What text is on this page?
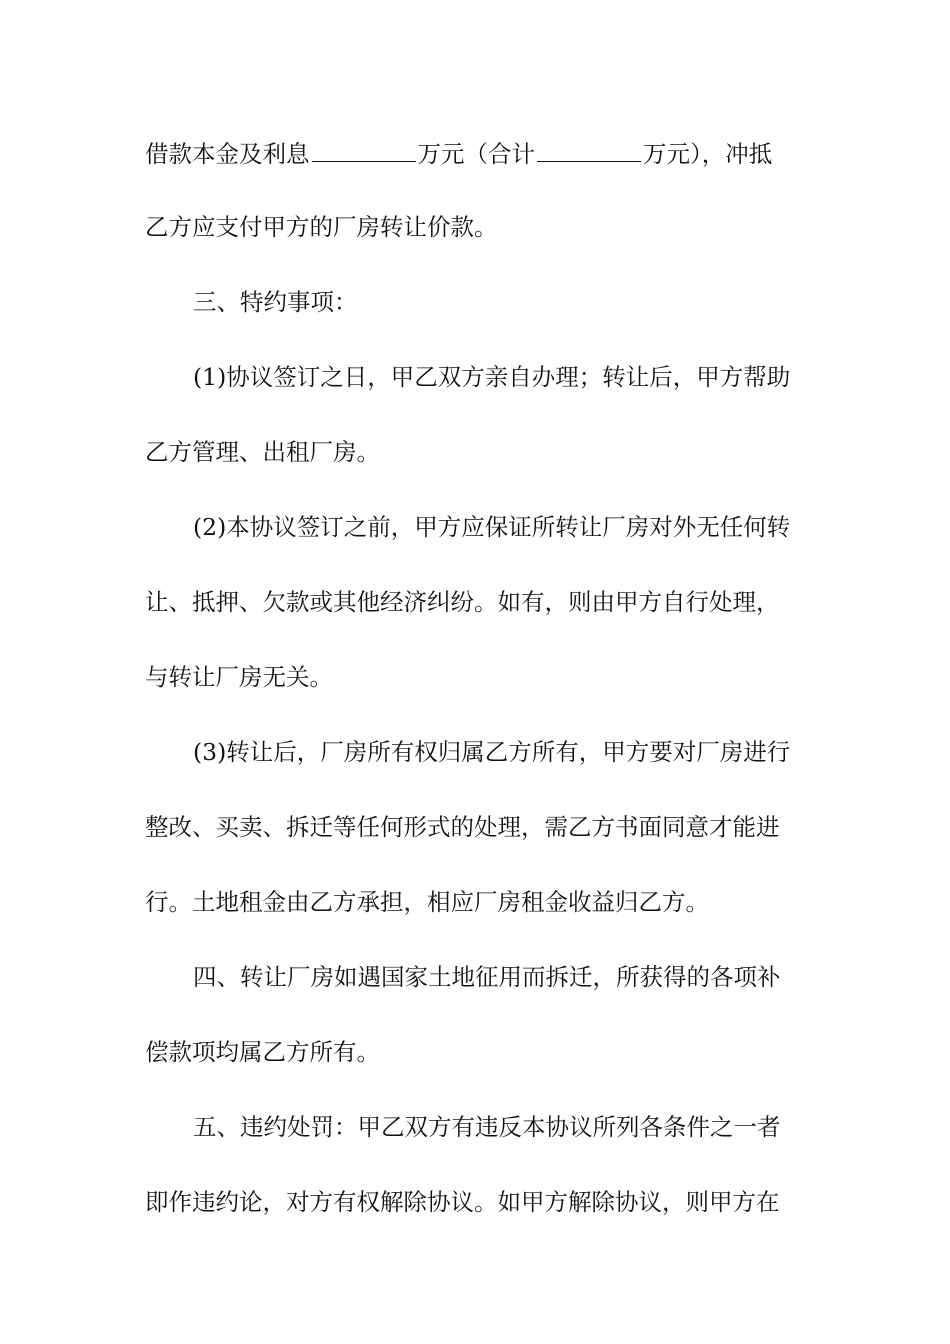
借款本金及利息	万元（合计	万元），冲抵

乙方应支付甲方的厂房转让价款。

三、特约事项：

(1)协议签订之日，甲乙双方亲自办理；转让后，甲方帮助

乙方管理、出租厂房。

(2)本协议签订之前，甲方应保证所转让厂房对外无任何转

让、抵押、欠款或其他经济纠纷。如有，则由甲方自行处理，

与转让厂房无关。

(3)转让后，厂房所有权归属乙方所有，甲方要对厂房进行

整改、买卖、拆迁等任何形式的处理，需乙方书面同意才能进

行。土地租金由乙方承担，相应厂房租金收益归乙方。

四、转让厂房如遇国家土地征用而拆迁，所获得的各项补

偿款项均属乙方所有。

五、违约处罚：甲乙双方有违反本协议所列各条件之一者

即作违约论，对方有权解除协议。如甲方解除协议，则甲方在
